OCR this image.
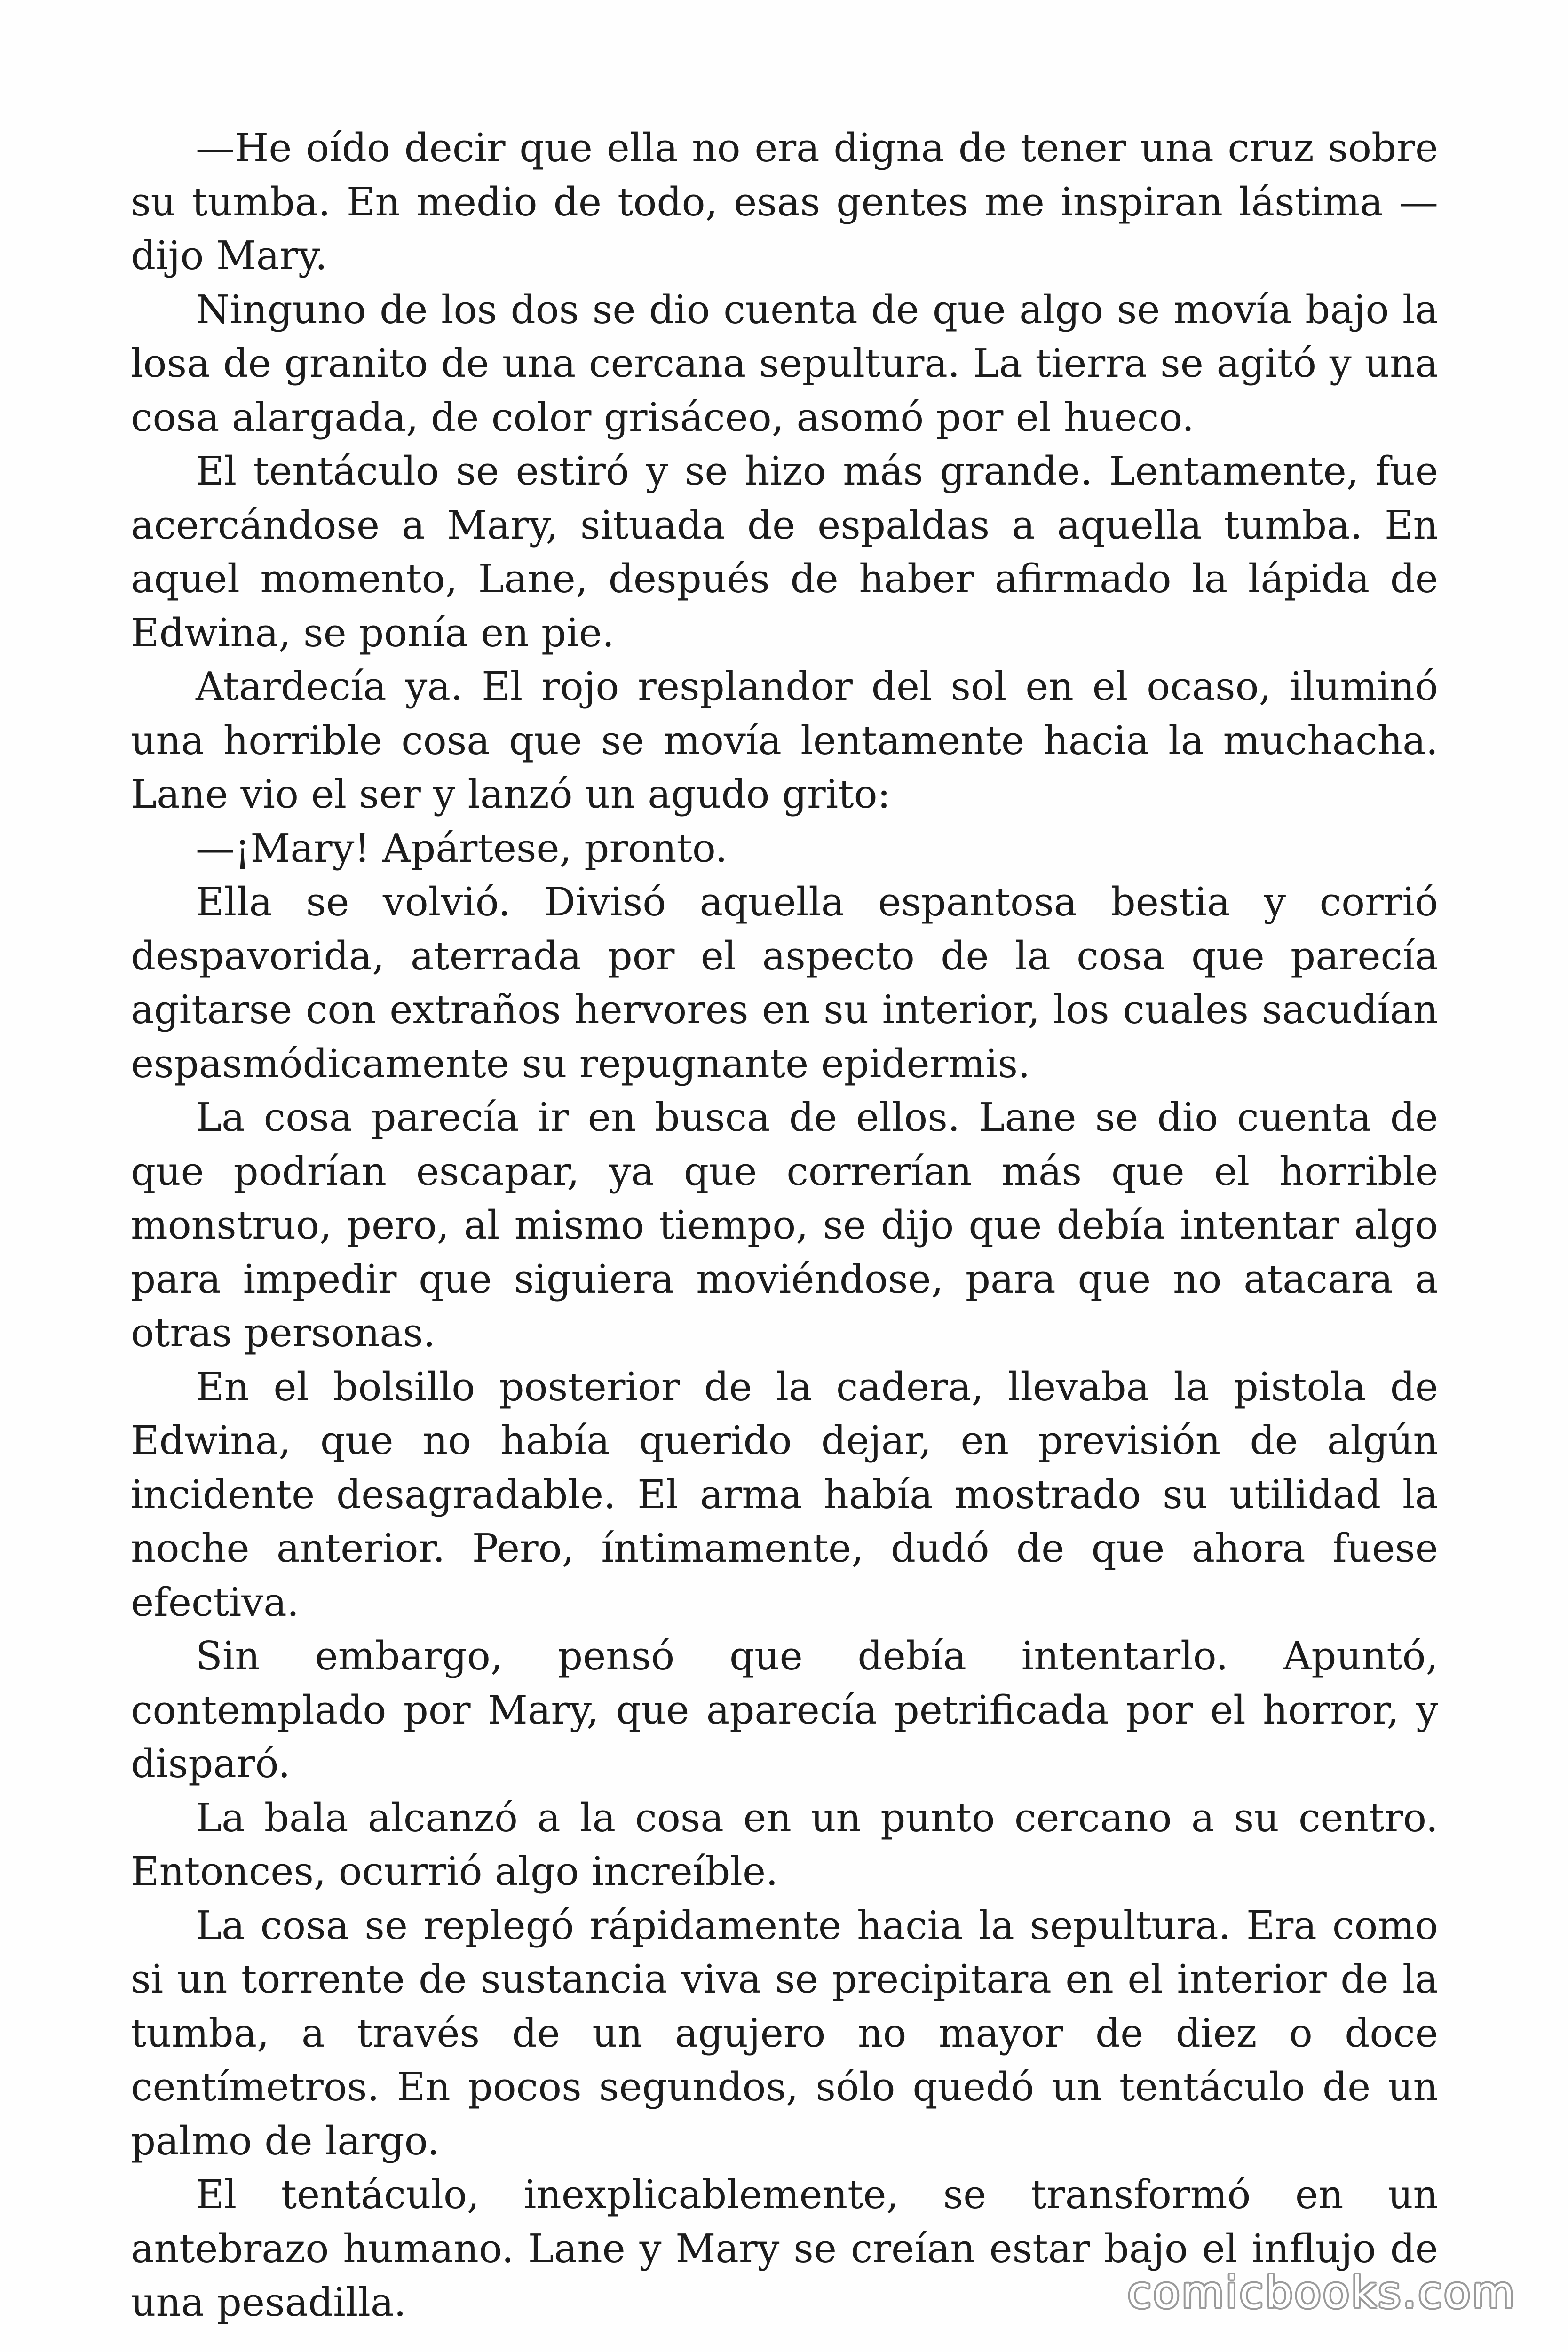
—He oído decir que ella no era digna de tener una cruz sobre su tumba. En medio de todo, esas gentes me inspiran lástima —dijo Mary.

Ninguno de los dos se dio cuenta de que algo se movía bajo la losa de granito de una cercana sepultura. La tierra se agitó y una cosa alargada, de color grisáceo, asomó por el hueco.

El tentáculo se estiró y se hizo más grande. Lentamente, fue acercándose a Mary, situada de espaldas a aquella tumba. En aquel momento, Lane, después de haber afirmado la lápida de Edwina, se ponía en pie.

Atardecía ya. El rojo resplandor del sol en el ocaso, iluminó una horrible cosa que se movía lentamente hacia la muchacha. Lane vio el ser y lanzó un agudo grito:

—¡Mary! Apártese, pronto.

Ella se volvió. Divisó aquella espantosa bestia y corrió despavorida, aterrada por el aspecto de la cosa que parecía agitarse con extraños hervores en su interior, los cuales sacudían espasmódicamente su repugnante epidermis.

La cosa parecía ir en busca de ellos. Lane se dio cuenta de que podrían escapar, ya que correrían más que el horrible monstruo, pero, al mismo tiempo, se dijo que debía intentar algo para impedir que siguiera moviéndose, para que no atacara a otras personas.

En el bolsillo posterior de la cadera, llevaba la pistola de Edwina, que no había querido dejar, en previsión de algún incidente desagradable. El arma había mostrado su utilidad la noche anterior. Pero, íntimamente, dudó de que ahora fuese efectiva.

Sin embargo, pensó que debía intentarlo. Apuntó, contemplado por Mary, que aparecía petrificada por el horror, y disparó.

La bala alcanzó a la cosa en un punto cercano a su centro. Entonces, ocurrió algo increíble.

La cosa se replegó rápidamente hacia la sepultura. Era como si un torrente de sustancia viva se precipitara en el interior de la tumba, a través de un agujero no mayor de diez o doce centímetros. En pocos segundos, sólo quedó un tentáculo de un palmo de largo.

El tentáculo, inexplicablemente, se transformó en un antebrazo humano. Lane y Mary se creían estar bajo el influjo de una pesadilla.	comicbooks.com
